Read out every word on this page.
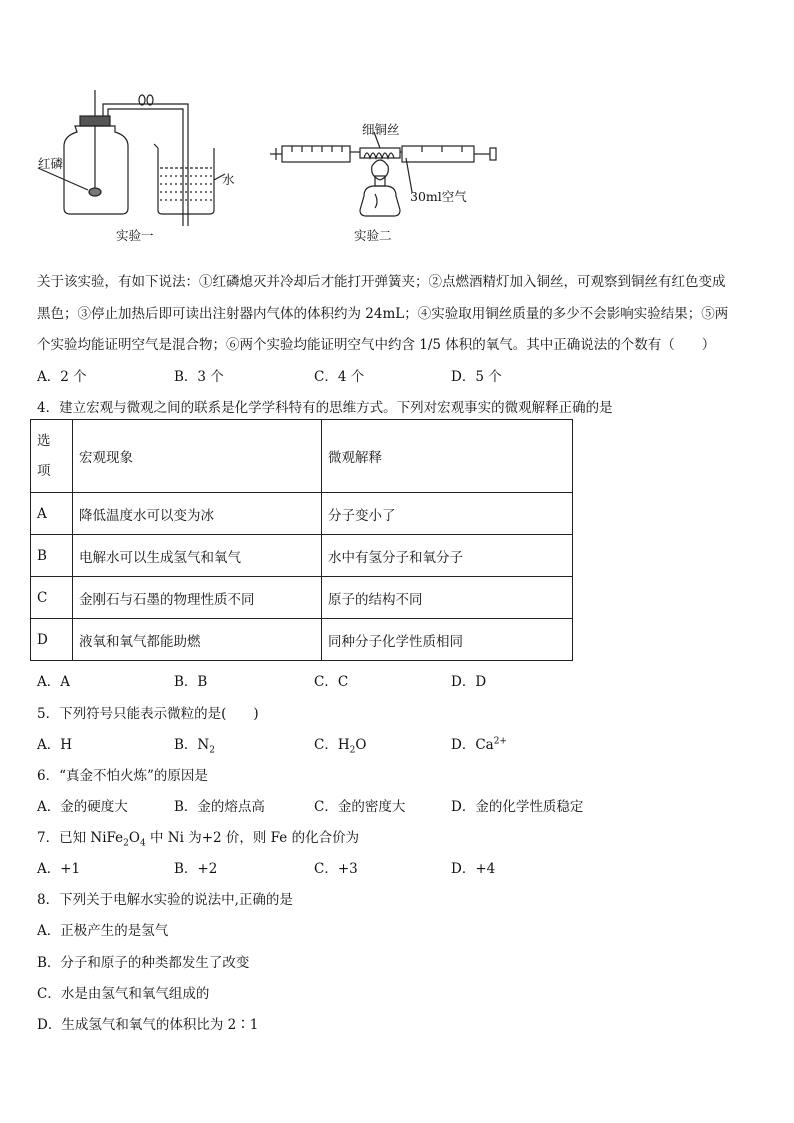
红磷
水
实验一
细铜丝
30ml空气
实验二
关于该实验，有如下说法：①红磷熄灭并冷却后才能打开弹簧夹；②点燃酒精灯加入铜丝，可观察到铜丝有红色变成
黑色；③停止加热后即可读出注射器内气体的体积约为 24mL；④实验取用铜丝质量的多少不会影响实验结果；⑤两
个实验均能证明空气是混合物；⑥两个实验均能证明空气中约含 1/5 体积的氧气。其中正确说法的个数有（　　）
A．2 个	B．3 个	C．4 个	D．5 个
4．建立宏观与微观之间的联系是化学学科特有的思维方式。下列对宏观事实的微观解释正确的是
选
项	宏观现象	微观解释
A	降低温度水可以变为冰	分子变小了
B	电解水可以生成氢气和氧气	水中有氢分子和氧分子
C	金刚石与石墨的物理性质不同	原子的结构不同
D	液氧和氧气都能助燃	同种分子化学性质相同
A．A	B．B	C．C	D．D
5．下列符号只能表示微粒的是(　　)
A．H	B．$N_2$	C．$H_2O$	D．$Ca^{2+}$
6．“真金不怕火炼”的原因是
A．金的硬度大	B．金的熔点高	C．金的密度大	D．金的化学性质稳定
7．已知 $NiFe_2O_4$ 中 Ni 为+2 价，则 Fe 的化合价为
A．+1	B．+2	C．+3	D．+4
8．下列关于电解水实验的说法中,正确的是
A．正极产生的是氢气
B．分子和原子的种类都发生了改变
C．水是由氢气和氧气组成的
D．生成氢气和氧气的体积比为 2∶1
